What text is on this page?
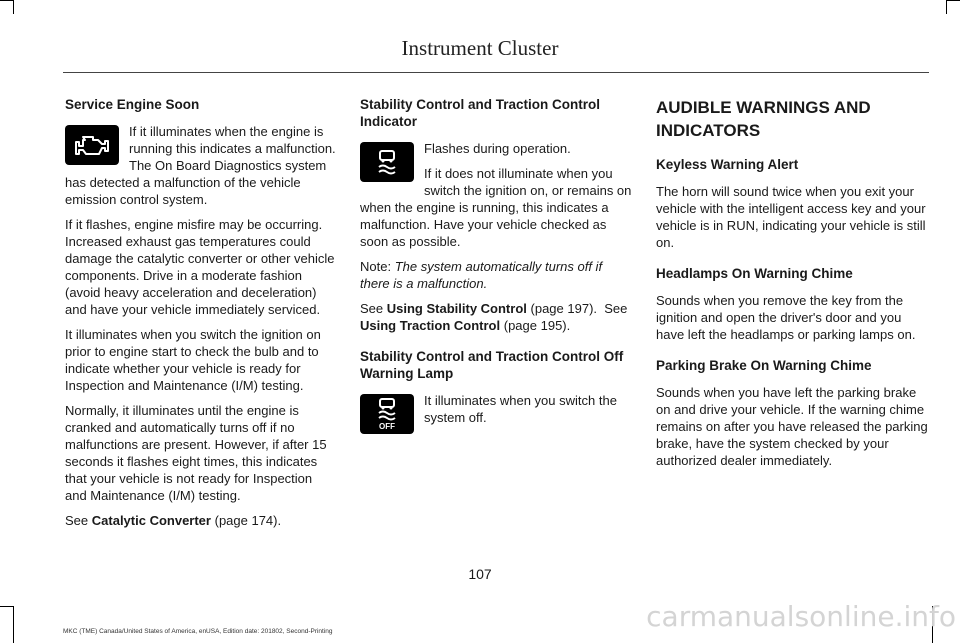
Instrument Cluster
Service Engine Soon

If it illuminates when the engine is running this indicates a malfunction. The On Board Diagnostics system has detected a malfunction of the vehicle emission control system.

If it flashes, engine misfire may be occurring. Increased exhaust gas temperatures could damage the catalytic converter or other vehicle components. Drive in a moderate fashion (avoid heavy acceleration and deceleration) and have your vehicle immediately serviced.

It illuminates when you switch the ignition on prior to engine start to check the bulb and to indicate whether your vehicle is ready for Inspection and Maintenance (I/M) testing.

Normally, it illuminates until the engine is cranked and automatically turns off if no malfunctions are present. However, if after 15 seconds it flashes eight times, this indicates that your vehicle is not ready for Inspection and Maintenance (I/M) testing.

See Catalytic Converter (page 174).

Stability Control and Traction Control Indicator

Flashes during operation.

If it does not illuminate when you switch the ignition on, or remains on when the engine is running, this indicates a malfunction. Have your vehicle checked as soon as possible.

Note: The system automatically turns off if there is a malfunction.

See Using Stability Control (page 197). See Using Traction Control (page 195).

Stability Control and Traction Control Off Warning Lamp
OFF

It illuminates when you switch the system off.

AUDIBLE WARNINGS AND INDICATORS
Keyless Warning Alert

The horn will sound twice when you exit your vehicle with the intelligent access key and your vehicle is in RUN, indicating your vehicle is still on.

Headlamps On Warning Chime

Sounds when you remove the key from the ignition and open the driver's door and you have left the headlamps or parking lamps on.

Parking Brake On Warning Chime

Sounds when you have left the parking brake on and drive your vehicle. If the warning chime remains on after you have released the parking brake, have the system checked by your authorized dealer immediately.

107
MKC (TME) Canada/United States of America, enUSA, Edition date: 201802, Second-Printing	carmanualsonline.info
